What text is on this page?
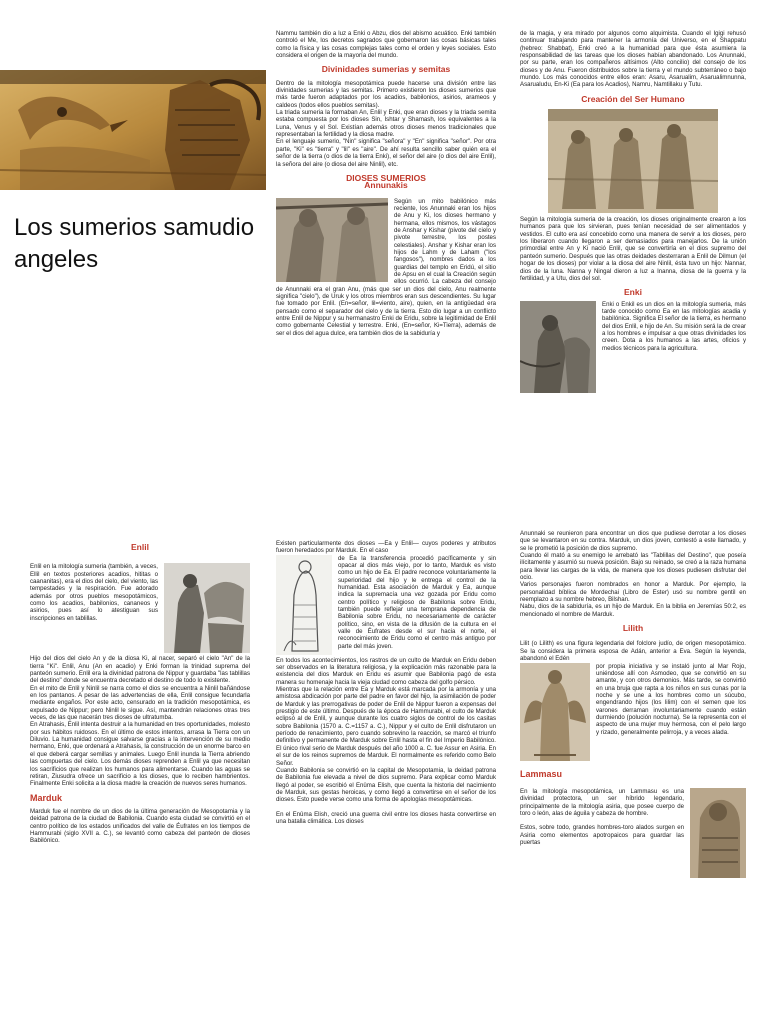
Los sumerios samudio angeles

Nammu también dio a luz a Enki o Abzu, dios del abismo acuático. Enki también controló el Me, los decretos sagrados que gobernaron las cosas básicas tales como la física y las cosas complejas tales como el orden y leyes sociales. Esto considera el origen de la mayoría del mundo.

Divinidades sumerias y semitas

Dentro de la mitología mesopotámica puede hacerse una división entre las divinidades sumerias y las semitas. Primero existieron los dioses sumerios que más tarde fueron adaptados por los acadios, babilonios, asirios, arameos y caldeos (todos ellos pueblos semitas).

La triada sumeria la formaban An, Enlil y Enki, que eran dioses y la triada semita estaba compuesta por los dioses Sin, Ishtar y Shamash, los equivalentes a la Luna, Venus y el Sol. Existían además otros dioses menos tradicionales que representaban la fertilidad y la diosa madre.

En el lenguaje sumerio, "Nin" significa "señora" y "En" significa "señor". Por otra parte, "Ki" es "tierra" y "lil" es "aire". De ahí resulta sencillo saber quién era el señor de la tierra (o dios de la tierra Enki), el señor del aire (o dios del aire Enlil), la señora del aire (o diosa del aire Ninlil), etc.

DIOSES SUMERIOS
Annunakis
Según un mito babilónico más reciente, los Anunnaki eran los hijos de Anu y Ki, los dioses hermano y hermana, ellos mismos, los vástagos de Anshar y Kishar (pivote del cielo y pivote terrestre, los postes celestiales). Anshar y Kishar eran los hijos de Lahm y de Laham ("los fangosos"), nombres dados a los guardias del templo en Eridú, el sitio de Apsu en el cual la Creación según ellos ocurrió. La cabeza del consejo de Anunnaki era el gran Anu, (más que ser un dios del cielo, Anu realmente significa "cielo"), de Uruk y los otros miembros eran sus descendientes. Su lugar fue tomado por Enlil. (En=señor, lil=viento, aire), quien, en la antigüedad era pensado como el separador del cielo y de la tierra. Esto dio lugar a un conflicto entre Enlil de Nippur y su hermanastro Enki de Eridu, sobre la legitimidad de Enlil como gobernante Celestial y terrestre. Enki, (En=señor, Ki=Tierra), además de ser el dios del agua dulce, era también dios de la sabiduría y

de la magia, y era mirado por algunos como alquimista. Cuando el Igigi rehusó continuar trabajando para mantener la armonía del Universo, en el Shappatu (hebreo: Shabbat), Enki creó a la humanidad para que ésta asumiera la responsabilidad de las tareas que los dioses habían abandonado. Los Anunnaki, por su parte, eran los compañeros altísimos (Alto concilio) del consejo de los dioses y de Anu. Fueron distribuidos sobre la tierra y el mundo subterráneo o bajo mundo. Los más conocidos entre ellos eran: Asaru, Asarualim, Asarualimnunna, Asarualudu, En-Ki (Ea para los Acadios), Namru, Namtillaku y Tutu.

Creación del Ser Humano

Según la mitología sumeria de la creación, los dioses originalmente crearon a los humanos para que los sirvieran, pues tenían necesidad de ser alimentados y vestidos. El culto era así concebido como una manera de servir a los dioses, pero los liberaron cuando llegaron a ser demasiados para manejarlos. De la unión primordial entre An y Ki nació Enlil, que se convertiría en el dios supremo del panteón sumerio. Después que las otras deidades desterraran a Enlil de Dilmun (el hogar de los dioses) por violar a la diosa del aire Ninlil, ésta tuvo un hijo: Nannar, dios de la luna. Nanna y Ningal dieron a luz a Inanna, diosa de la guerra y la fertilidad, y a Utu, dios del sol.

Enki
Enki o Enkil es un dios en la mitología sumeria, más tarde conocido como Ea en las mitologías acadia y babilónica. Significa El señor de la tierra, es hermano del dios Enlil, e hijo de An. Su misión será la de crear a los hombres e impulsar a que otras divinidades los creen. Dota a los humanos a las artes, oficios y medios técnicos para la agricultura.
Enlil

Enlil en la mitología sumeria (también, a veces, Ellil en textos posteriores acadios, hititas o caananitas), era el dios del cielo, del viento, las tempestades y la respiración. Fue adorado además por otros pueblos mesopotámicos, como los acadios, babilonios, cananeos y asirios, pues así lo atestiguan sus inscripciones en tablillas.

Hijo del dios del cielo An y de la diosa Ki, al nacer, separó el cielo "An" de la tierra "Ki". Enlil, Anu (An en acadio) y Enki forman la trinidad suprema del panteón sumerio. Enlil era la divinidad patrona de Nippur y guardaba "las tablillas del destino" donde se encuentra decretado el destino de todo lo existente.

En el mito de Enlil y Ninlil se narra como el dios se encuentra a Ninlil bañándose en los pantanos. A pesar de las advertencias de ella, Enlil consigue fecundarla mediante engaños. Por este acto, censurado en la tradición mesopotámica, es expulsado de Nippur; pero Ninlil le sigue. Así, mantendrán relaciones otras tres veces, de las que nacerán tres dioses de ultratumba.

En Atrahasis, Enlil intenta destruir a la humanidad en tres oportunidades, molesto por sus hábitos ruidosos. En el último de estos intentos, arrasa la Tierra con un Diluvio. La humanidad consigue salvarse gracias a la intervención de su medio hermano, Enki, que ordenará a Atrahasis, la construcción de un enorme barco en el que deberá cargar semillas y animales. Luego Enlil inunda la Tierra abriendo las compuertas del cielo. Los demás dioses reprenden a Enlil ya que necesitan los sacrificios que realizan los humanos para alimentarse. Cuando las aguas se retiran, Ziusudra ofrece un sacrificio a los dioses, que lo reciben hambrientos. Finalmente Enki solicita a la diosa madre la creación de nuevos seres humanos.

Marduk

Marduk fue el nombre de un dios de la última generación de Mesopotamia y la deidad patrona de la ciudad de Babilonia. Cuando esta ciudad se convirtió en el centro político de los estados unificados del valle de Éufrates en los tiempos de Hammurabi (siglo XVII a. C.), se levantó como cabeza del panteón de dioses Babilónico.

Existen particularmente dos dioses —Ea y Enlil— cuyos poderes y atributos fueron heredados por Marduk. En el caso

de Ea la transferencia procedió pacíficamente y sin opacar al dios más viejo, por lo tanto, Marduk es visto como un hijo de Ea. El padre reconoce voluntariamente la superioridad del hijo y le entrega el control de la humanidad. Esta asociación de Marduk y Ea, aunque indica la supremacía una vez gozada por Eridu como centro político y religioso de Babilonia sobre Eridu, también puede reflejar una temprana dependencia de Babilonia sobre Eridu, no necesariamente de carácter político, sino, en vista de la difusión de la cultura en el valle de Éufrates desde el sur hacia el norte, el reconocimiento de Eridu como el centro más antiguo por parte del más joven.

En todos los acontecimientos, los rastros de un culto de Marduk en Eridu deben ser observados en la literatura religiosa, y la explicación más razonable para la existencia del dios Marduk en Eridu es asumir que Babilonia pagó de esta manera su homenaje hacia la vieja ciudad como cabeza del golfo pérsico.

Mientras que la relación entre Ea y Marduk está marcada por la armonía y una amistosa abdicación por parte del padre en favor del hijo, la asimilación de poder de Marduk y las prerrogativas de poder de Enlil de Nippur fueron a expensas del prestigio de este último. Después de la época de Hammurabi, el culto de Marduk eclipsó al de Enlil, y aunque durante los cuatro siglos de control de los casitas sobre Babilonia (1570 a. C.=1157 a. C.), Nippur y el culto de Enlil disfrutaron un período de renacimiento, pero cuando sobrevino la reacción, se marcó el triunfo definitivo y permanente de Marduk sobre Enlil hasta el fin del Imperio Babilónico. El único rival serio de Marduk después del año 1000 a. C. fue Assur en Asiria. En el sur de los reinos supremos de Marduk. El normalmente es referido como Belo Señor.

Cuando Babilonia se convirtió en la capital de Mesopotamia, la deidad patrona de Babilonia fue elevada a nivel de dios supremo. Para explicar como Marduk llegó al poder, se escribió el Enûma Elish, que cuenta la historia del nacimiento de Marduk, sus gestas heroicas, y como llegó a convertirse en el señor de los dioses. Esto puede verse como una forma de apologías mesopotámicas.

En el Enûma Elish, creció una guerra civil entre los dioses hasta convertirse en una batalla climática. Los dioses

Anunnaki se reunieron para encontrar un dios que pudiese derrotar a los dioses que se levantaron en su contra. Marduk, un dios joven, contestó a este llamado, y se le prometió la posición de dios supremo.

Cuando él mató a su enemigo le arrebató las "Tablillas del Destino", que poseía ilícitamente y asumió su nueva posición. Bajo su reinado, se creó a la raza humana para llevar las cargas de la vida, de manera que los dioses pudiesen disfrutar del ocio.

Varios personajes fueron nombrados en honor a Marduk. Por ejemplo, la personalidad bíblica de Mordechai (Libro de Ester) usó su nombre gentil en reemplazo a su nombre hebreo, Bilshan.

Nabu, dios de la sabiduría, es un hijo de Marduk. En la biblia en Jeremías 50:2, es mencionado el nombre de Marduk.

Lilith

Lilit (o Lilith) es una figura legendaria del folclore judío, de origen mesopotámico. Se la considera la primera esposa de Adán, anterior a Eva. Según la leyenda, abandonó el Edén

por propia iniciativa y se instaló junto al Mar Rojo, uniéndose allí con Asmodeo, que se convirtió en su amante, y con otros demonios. Más tarde, se convirtió en una bruja que rapta a los niños en sus cunas por la noche y se une a los hombres como un súcubo, engendrando hijos (los lilim) con el semen que los varones derraman involuntariamente cuando están durmiendo (polución nocturna). Se la representa con el aspecto de una mujer muy hermosa, con el pelo largo y rizado, generalmente pelirroja, y a veces alada.
Lammasu

En la mitología mesopotámica, un Lammasu es una divinidad protectora, un ser híbrido legendario, principalmente de la mitología asiria, que posee cuerpo de toro o león, alas de águila y cabeza de hombre.

Estos, sobre todo, grandes hombres-toro alados surgen en Asiria como elementos apotropaicos para guardar las puertas
